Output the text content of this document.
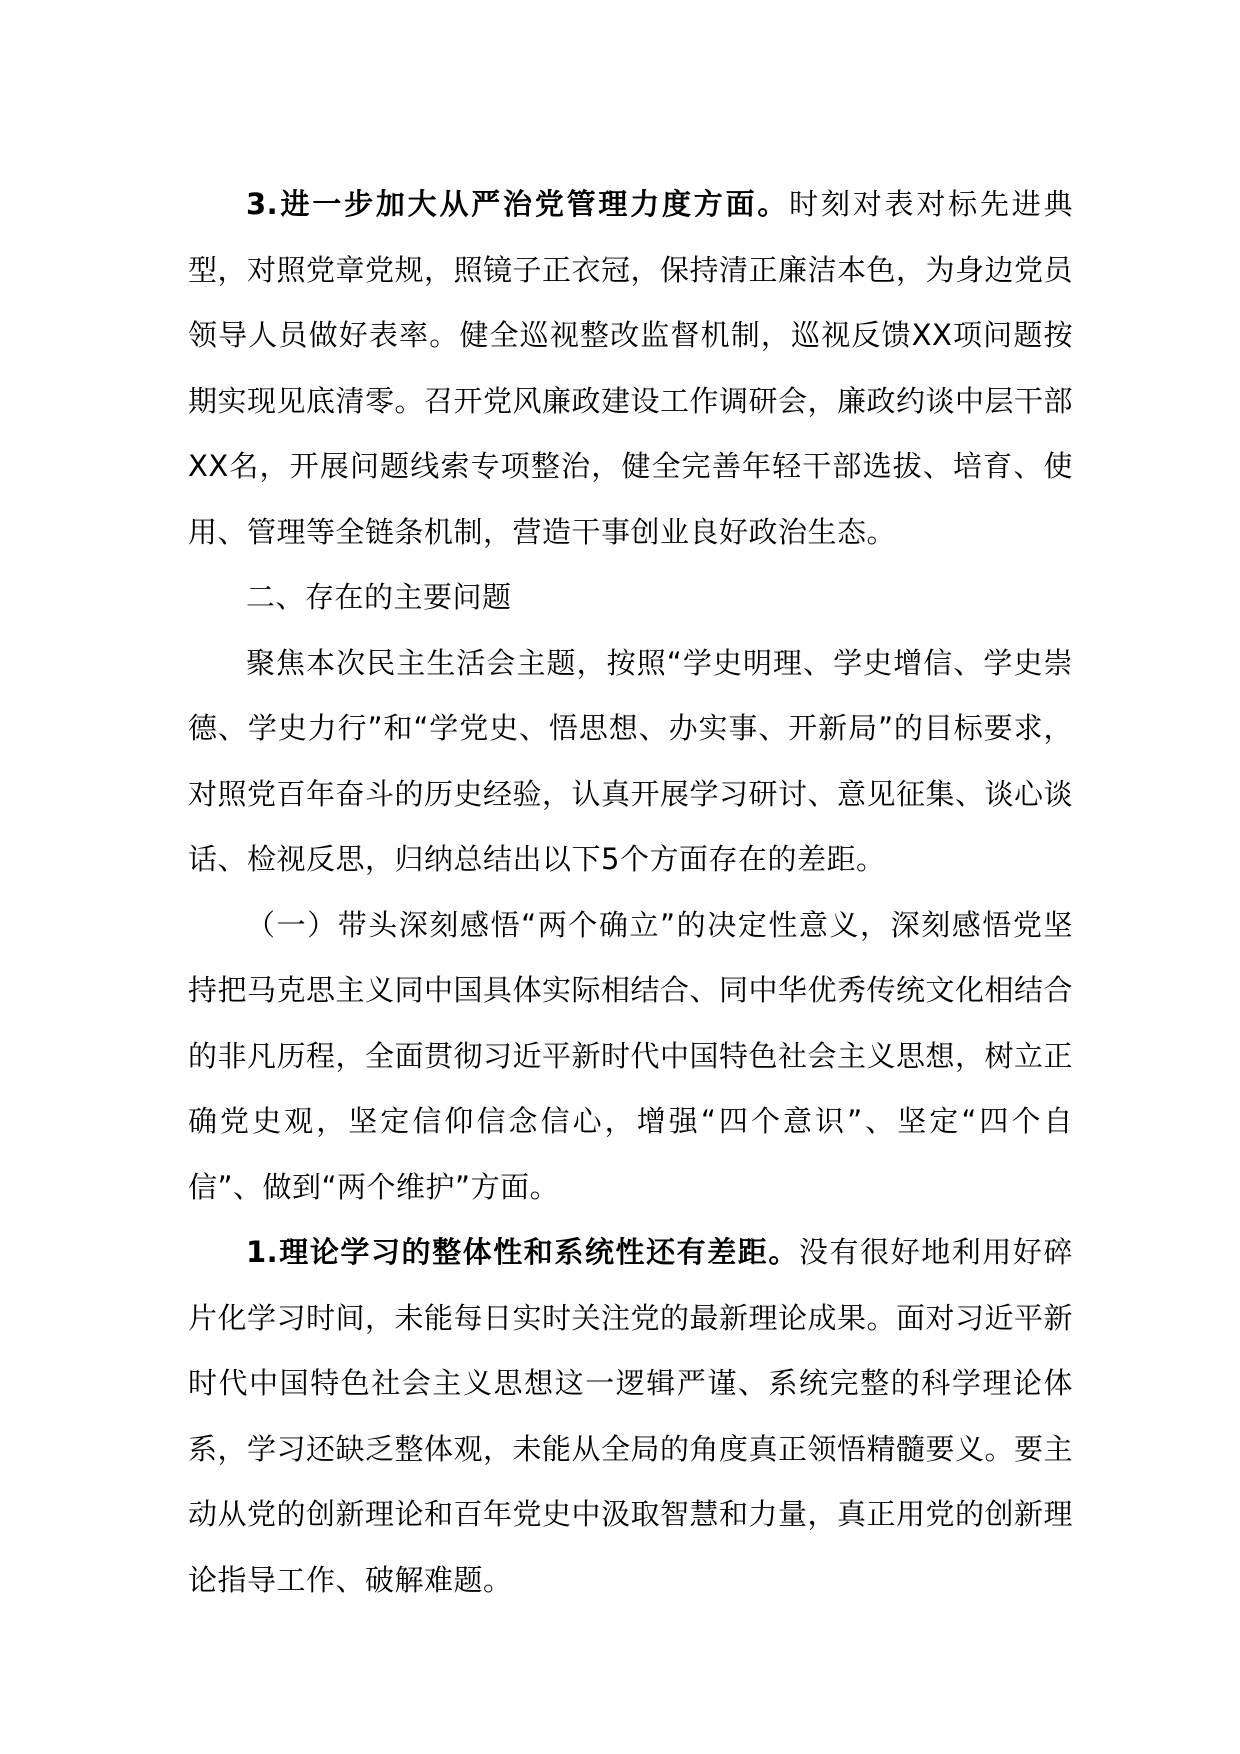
3.进一步加大从严治党管理力度方面。时刻对表对标先进典型，对照党章党规，照镜子正衣冠，保持清正廉洁本色，为身边党员领导人员做好表率。健全巡视整改监督机制，巡视反馈XX项问题按期实现见底清零。召开党风廉政建设工作调研会，廉政约谈中层干部XX名，开展问题线索专项整治，健全完善年轻干部选拔、培育、使用、管理等全链条机制，营造干事创业良好政治生态。

二、存在的主要问题

聚焦本次民主生活会主题，按照“学史明理、学史增信、学史崇德、学史力行”和“学党史、悟思想、办实事、开新局”的目标要求，对照党百年奋斗的历史经验，认真开展学习研讨、意见征集、谈心谈话、检视反思，归纳总结出以下5个方面存在的差距。

（一）带头深刻感悟“两个确立”的决定性意义，深刻感悟党坚持把马克思主义同中国具体实际相结合、同中华优秀传统文化相结合的非凡历程，全面贯彻习近平新时代中国特色社会主义思想，树立正确党史观，坚定信仰信念信心，增强“四个意识”、坚定“四个自信”、做到“两个维护”方面。

1.理论学习的整体性和系统性还有差距。没有很好地利用好碎片化学习时间，未能每日实时关注党的最新理论成果。面对习近平新时代中国特色社会主义思想这一逻辑严谨、系统完整的科学理论体系，学习还缺乏整体观，未能从全局的角度真正领悟精髓要义。要主动从党的创新理论和百年党史中汲取智慧和力量，真正用党的创新理论指导工作、破解难题。
